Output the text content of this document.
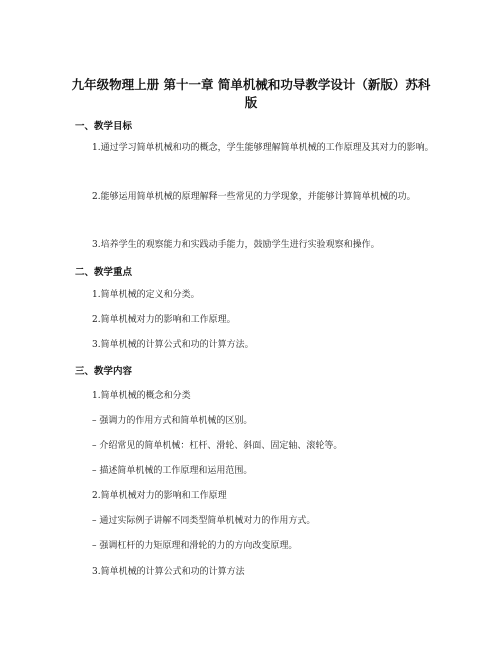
九年级物理上册 第十一章 简单机械和功导教学设计（新版）苏科版
一、教学目标
1.通过学习简单机械和功的概念，学生能够理解简单机械的工作原理及其对力的影响。
2.能够运用简单机械的原理解释一些常见的力学现象，并能够计算简单机械的功。
3.培养学生的观察能力和实践动手能力，鼓励学生进行实验观察和操作。
二、教学重点
1.简单机械的定义和分类。
2.简单机械对力的影响和工作原理。
3.简单机械的计算公式和功的计算方法。
三、教学内容
1.简单机械的概念和分类
– 强调力的作用方式和简单机械的区别。
– 介绍常见的简单机械：杠杆、滑轮、斜面、固定轴、滚轮等。
– 描述简单机械的工作原理和运用范围。
2.简单机械对力的影响和工作原理
– 通过实际例子讲解不同类型简单机械对力的作用方式。
– 强调杠杆的力矩原理和滑轮的力的方向改变原理。
3.简单机械的计算公式和功的计算方法
